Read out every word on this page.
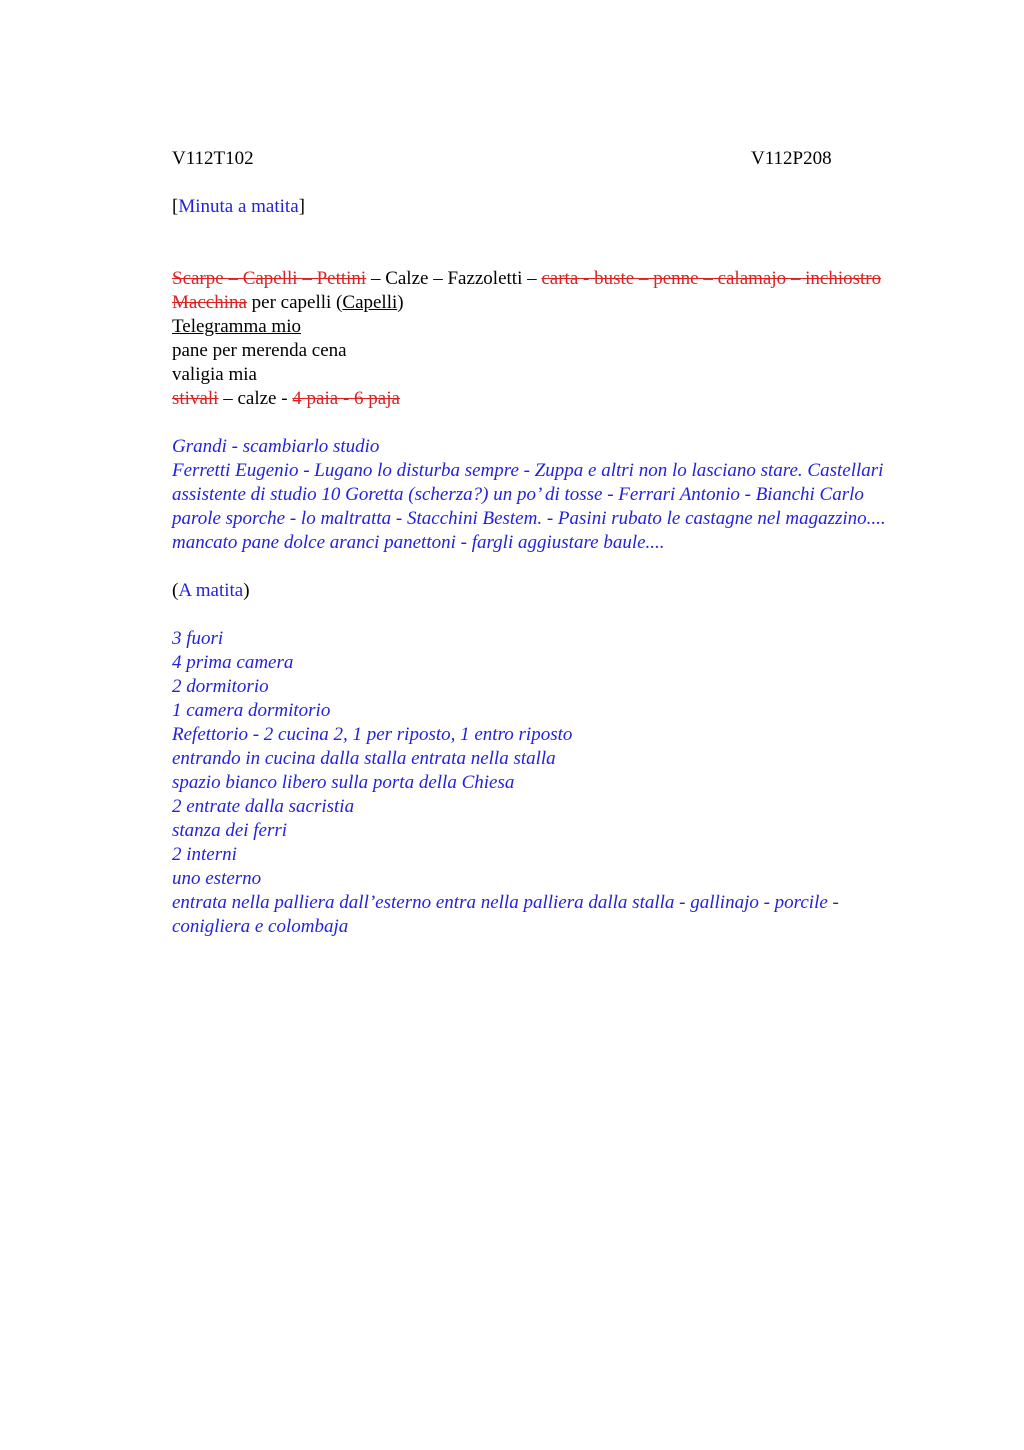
V112T102	V112P208

[Minuta a matita]

Scarpe – Capelli – Pettini – Calze – Fazzoletti – carta - buste – penne – calamajo – inchiostro

Macchina per capelli (Capelli)

Telegramma mio

pane per merenda cena

valigia mia

stivali – calze - 4 paia - 6 paja

Grandi - scambiarlo studio

Ferretti Eugenio - Lugano lo disturba sempre - Zuppa e altri non lo lasciano stare. Castellari assistente di studio 10 Goretta (scherza?) un po’ di tosse - Ferrari Antonio - Bianchi Carlo parole sporche - lo maltratta - Stacchini Bestem. - Pasini rubato le castagne nel magazzino....

mancato pane dolce aranci panettoni - fargli aggiustare baule....

(A matita)

3 fuori

4 prima camera

2 dormitorio

1 camera dormitorio

Refettorio - 2 cucina 2, 1 per riposto, 1 entro riposto

entrando in cucina dalla stalla entrata nella stalla

spazio bianco libero sulla porta della Chiesa

2 entrate dalla sacristia

stanza dei ferri

2 interni

uno esterno

entrata nella palliera dall’esterno entra nella palliera dalla stalla - gallinajo - porcile - conigliera e colombaja
